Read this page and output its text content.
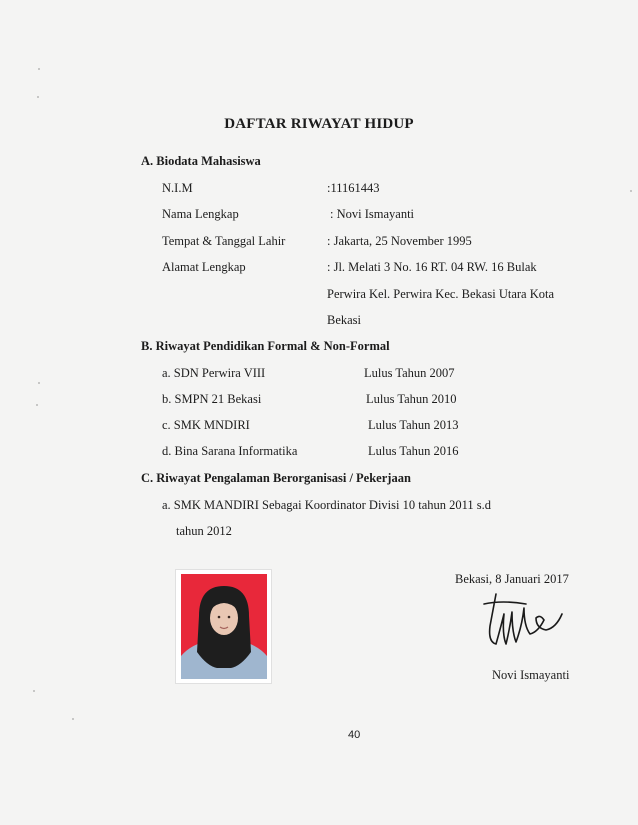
DAFTAR RIWAYAT HIDUP
A. Biodata Mahasiswa
N.I.M	:11161443
Nama Lengkap	: Novi Ismayanti
Tempat & Tanggal Lahir	: Jakarta, 25 November 1995
Alamat Lengkap	: Jl. Melati 3 No. 16 RT. 04 RW. 16 Bulak
Perwira Kel. Perwira Kec. Bekasi Utara Kota
Bekasi
B. Riwayat Pendidikan Formal & Non-Formal
a. SDN Perwira VIII	Lulus Tahun 2007
b. SMPN 21 Bekasi	Lulus Tahun 2010
c. SMK MNDIRI	Lulus Tahun 2013
d. Bina Sarana Informatika	Lulus Tahun 2016
C. Riwayat Pengalaman Berorganisasi / Pekerjaan
a. SMK MANDIRI Sebagai Koordinator Divisi 10 tahun 2011 s.d
tahun 2012
Bekasi, 8 Januari 2017
Novi Ismayanti
40
